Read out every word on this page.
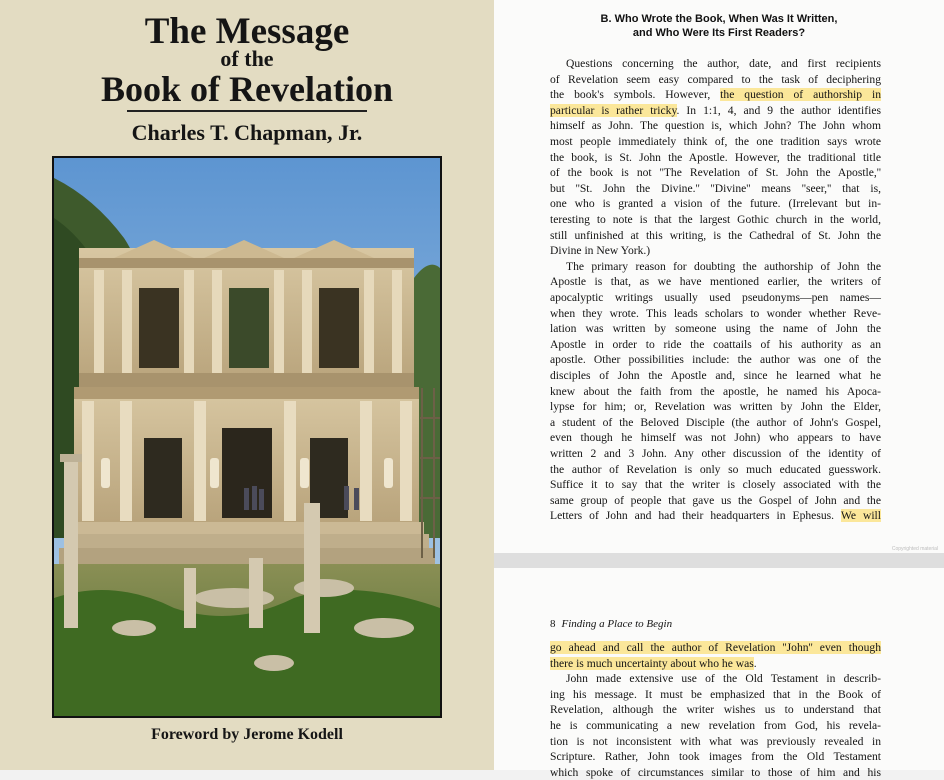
The Message
of the
Book of Revelation
Charles T. Chapman, Jr.
Foreword by Jerome Kodell
B. Who Wrote the Book, When Was It Written,
and Who Were Its First Readers?
Questions concerning the author, date, and first recipients
of Revelation seem easy compared to the task of deciphering
the book's symbols. However, the question of authorship in
particular is rather tricky. In 1:1, 4, and 9 the author identifies
himself as John. The question is, which John? The John whom
most people immediately think of, the one tradition says wrote
the book, is St. John the Apostle. However, the traditional title
of the book is not ''The Revelation of St. John the Apostle,''
but ''St. John the Divine.'' ''Divine'' means ''seer,'' that is,
one who is granted a vision of the future. (Irrelevant but in-
teresting to note is that the largest Gothic church in the world,
still unfinished at this writing, is the Cathedral of St. John the
Divine in New York.)
The primary reason for doubting the authorship of John the
Apostle is that, as we have mentioned earlier, the writers of
apocalyptic writings usually used pseudonyms—pen names—
when they wrote. This leads scholars to wonder whether Reve-
lation was written by someone using the name of John the
Apostle in order to ride the coattails of his authority as an
apostle. Other possibilities include: the author was one of the
disciples of John the Apostle and, since he learned what he
knew about the faith from the apostle, he named his Apoca-
lypse for him; or, Revelation was written by John the Elder,
a student of the Beloved Disciple (the author of John's Gospel,
even though he himself was not John) who appears to have
written 2 and 3 John. Any other discussion of the identity of
the author of Revelation is only so much educated guesswork.
Suffice it to say that the writer is closely associated with the
same group of people that gave us the Gospel of John and the
Letters of John and had their headquarters in Ephesus. We will
Copyrighted material
8 Finding a Place to Begin
go ahead and call the author of Revelation ''John'' even though
there is much uncertainty about who he was.
John made extensive use of the Old Testament in describ-
ing his message. It must be emphasized that in the Book of
Revelation, although the writer wishes us to understand that
he is communicating a new revelation from God, his revela-
tion is not inconsistent with what was previously revealed in
Scripture. Rather, John took images from the Old Testament
which spoke of circumstances similar to those of him and his
